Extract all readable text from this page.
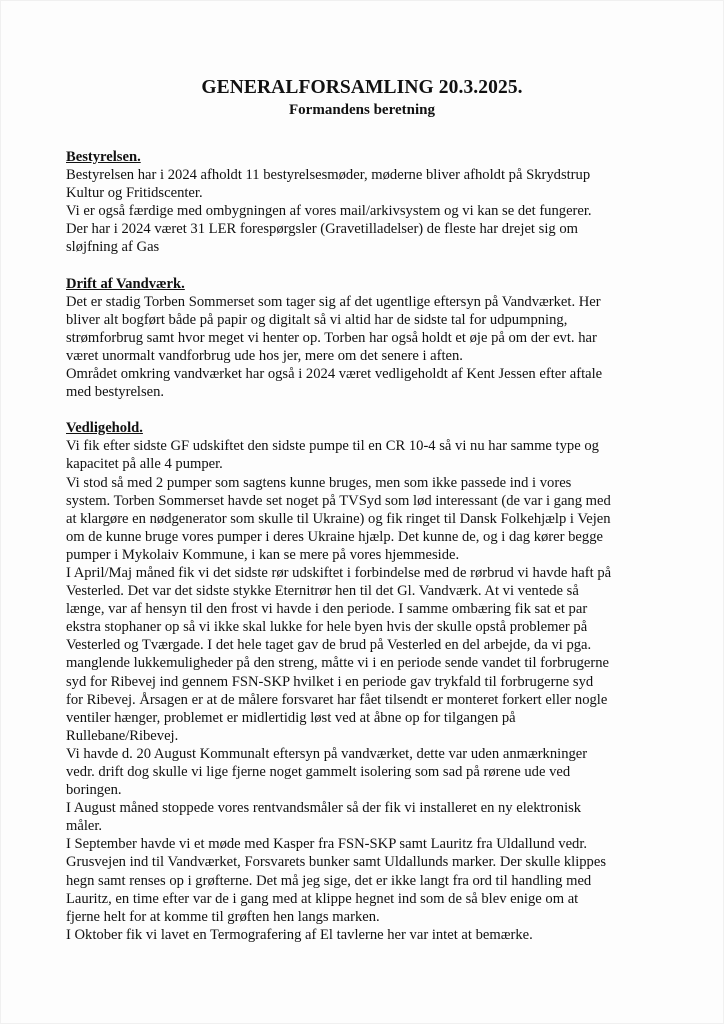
GENERALFORSAMLING 20.3.2025.
Formandens beretning
Bestyrelsen.

Bestyrelsen har i 2024 afholdt 11 bestyrelsesmøder, møderne bliver afholdt på Skrydstrup

Kultur og Fritidscenter.

Vi er også færdige med ombygningen af vores mail/arkivsystem og vi kan se det fungerer.

Der har i 2024 været 31 LER forespørgsler (Gravetilladelser) de fleste har drejet sig om

sløjfning af Gas

Drift af Vandværk.

Det er stadig Torben Sommerset som tager sig af det ugentlige eftersyn på Vandværket. Her

bliver alt bogført både på papir og digitalt så vi altid har de sidste tal for udpumpning,

strømforbrug samt hvor meget vi henter op. Torben har også holdt et øje på om der evt. har

været unormalt vandforbrug ude hos jer, mere om det senere i aften.

Området omkring vandværket har også i 2024 været vedligeholdt af Kent Jessen efter aftale

med bestyrelsen.

Vedligehold.

Vi fik efter sidste GF udskiftet den sidste pumpe til en CR 10-4 så vi nu har samme type og

kapacitet på alle 4 pumper.

Vi stod så med 2 pumper som sagtens kunne bruges, men som ikke passede ind i vores

system. Torben Sommerset havde set noget på TVSyd som lød interessant (de var i gang med

at klargøre en nødgenerator som skulle til Ukraine) og fik ringet til Dansk Folkehjælp i Vejen

om de kunne bruge vores pumper i deres Ukraine hjælp. Det kunne de, og i dag kører begge

pumper i Mykolaiv Kommune, i kan se mere på vores hjemmeside.

I April/Maj måned fik vi det sidste rør udskiftet i forbindelse med de rørbrud vi havde haft på

Vesterled. Det var det sidste stykke Eternitrør hen til det Gl. Vandværk. At vi ventede så

længe, var af hensyn til den frost vi havde i den periode. I samme ombæring fik sat et par

ekstra stophaner op så vi ikke skal lukke for hele byen hvis der skulle opstå problemer på

Vesterled og Tværgade. I det hele taget gav de brud på Vesterled en del arbejde, da vi pga.

manglende lukkemuligheder på den streng, måtte vi i en periode sende vandet til forbrugerne

syd for Ribevej ind gennem FSN-SKP hvilket i en periode gav trykfald til forbrugerne syd

for Ribevej. Årsagen er at de målere forsvaret har fået tilsendt er monteret forkert eller nogle

ventiler hænger, problemet er midlertidig løst ved at åbne op for tilgangen på

Rullebane/Ribevej.

Vi havde d. 20 August Kommunalt eftersyn på vandværket, dette var uden anmærkninger

vedr. drift dog skulle vi lige fjerne noget gammelt isolering som sad på rørene ude ved

boringen.

I August måned stoppede vores rentvandsmåler så der fik vi installeret en ny elektronisk

måler.

I September havde vi et møde med Kasper fra FSN-SKP samt Lauritz fra Uldallund vedr.

Grusvejen ind til Vandværket, Forsvarets bunker samt Uldallunds marker. Der skulle klippes

hegn samt renses op i grøfterne. Det må jeg sige, det er ikke langt fra ord til handling med

Lauritz, en time efter var de i gang med at klippe hegnet ind som de så blev enige om at

fjerne helt for at komme til grøften hen langs marken.

I Oktober fik vi lavet en Termografering af El tavlerne her var intet at bemærke.
